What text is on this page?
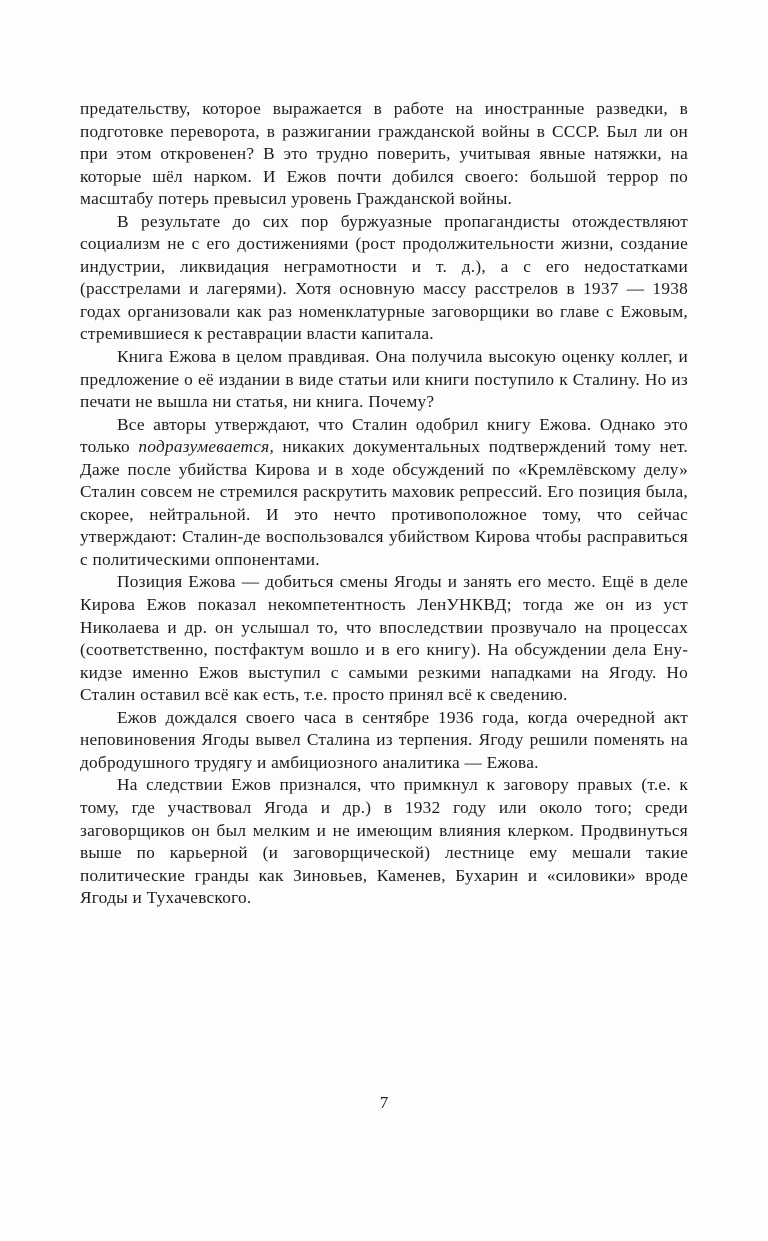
предательству, которое выражается в работе на иностранные разведки, в подготовке переворота, в разжигании гражданской войны в СССР. Был ли он при этом откровенен? В это трудно поверить, учитывая явные натяжки, на которые шёл нарком. И Ежов почти добился своего: большой террор по масштабу потерь превысил уровень Гражданской войны.

В результате до сих пор буржуазные пропагандисты отождествляют социализм не с его достижениями (рост продолжительности жизни, создание индустрии, ликвидация неграмотности и т. д.), а с его недостатками (расстрелами и лагерями). Хотя основную массу расстрелов в 1937 — 1938 годах организовали как раз номенклатурные заговорщики во главе с Ежовым, стремившиеся к реставрации власти капитала.

Книга Ежова в целом правдивая. Она получила высокую оценку коллег, и предложение о её издании в виде статьи или книги поступило к Сталину. Но из печати не вышла ни статья, ни книга. Почему?

Все авторы утверждают, что Сталин одобрил книгу Ежова. Однако это только подразумевается, никаких документальных подтверждений тому нет. Даже после убийства Кирова и в ходе обсуждений по «Кремлёвскому делу» Сталин совсем не стремился раскрутить маховик репрессий. Его позиция была, скорее, нейтральной. И это нечто противоположное тому, что сейчас утверждают: Сталин-де воспользовался убийством Кирова чтобы расправиться с политическими оппонентами.

Позиция Ежова — добиться смены Ягоды и занять его место. Ещё в деле Кирова Ежов показал некомпетентность ЛенУНКВД; тогда же он из уст Николаева и др. он услышал то, что впоследствии прозвучало на процессах (соответственно, постфактум вошло и в его книгу). На обсуждении дела Енукидзе именно Ежов выступил с самыми резкими нападками на Ягоду. Но Сталин оставил всё как есть, т.е. просто принял всё к сведению.

Ежов дождался своего часа в сентябре 1936 года, когда очередной акт неповиновения Ягоды вывел Сталина из терпения. Ягоду решили поменять на добродушного трудягу и амбициозного аналитика — Ежова.

На следствии Ежов признался, что примкнул к заговору правых (т.е. к тому, где участвовал Ягода и др.) в 1932 году или около того; среди заговорщиков он был мелким и не имеющим влияния клерком. Продвинуться выше по карьерной (и заговорщической) лестнице ему мешали такие политические гранды как Зиновьев, Каменев, Бухарин и «силовики» вроде Ягоды и Тухачевского.

7
